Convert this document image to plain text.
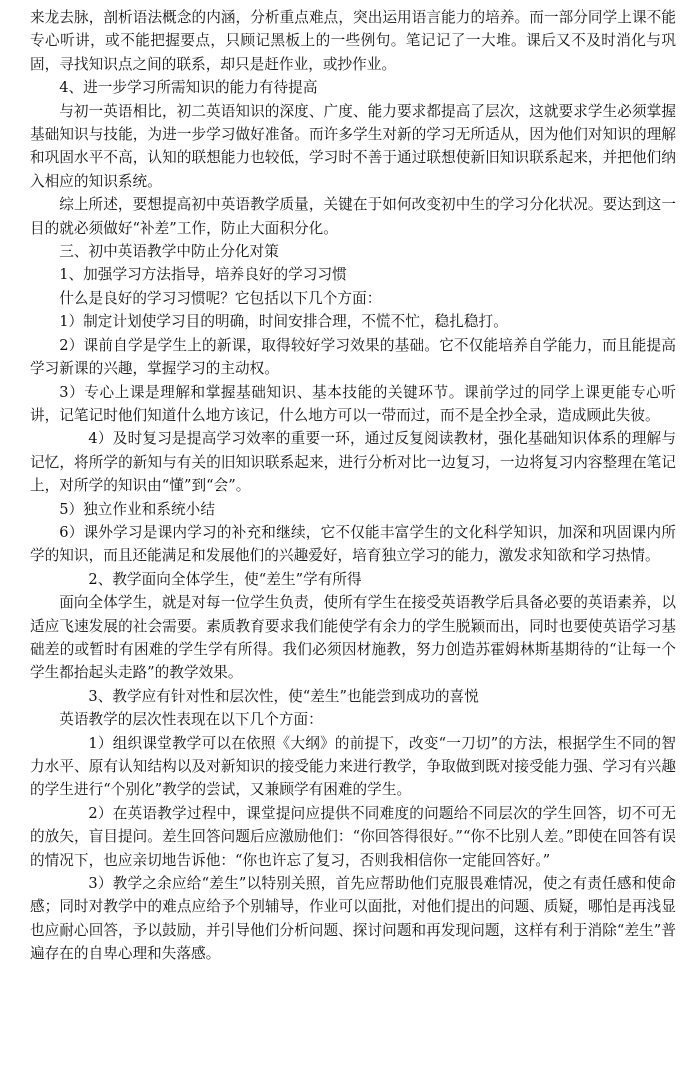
来龙去脉，剖析语法概念的内涵，分析重点难点，突出运用语言能力的培养。而一部分同学上课不能专心听讲，或不能把握要点，只顾记黑板上的一些例句。笔记记了一大堆。课后又不及时消化与巩固，寻找知识点之间的联系，却只是赶作业，或抄作业。

4、进一步学习所需知识的能力有待提高

与初一英语相比，初二英语知识的深度、广度、能力要求都提高了层次，这就要求学生必须掌握基础知识与技能，为进一步学习做好准备。而许多学生对新的学习无所适从，因为他们对知识的理解和巩固水平不高，认知的联想能力也较低，学习时不善于通过联想使新旧知识联系起来，并把他们纳入相应的知识系统。

综上所述，要想提高初中英语教学质量，关键在于如何改变初中生的学习分化状况。要达到这一目的就必须做好“补差”工作，防止大面积分化。

三、初中英语教学中防止分化对策

1、加强学习方法指导，培养良好的学习习惯

什么是良好的学习习惯呢？它包括以下几个方面：

1）制定计划使学习目的明确，时间安排合理，不慌不忙，稳扎稳打。

2）课前自学是学生上的新课，取得较好学习效果的基础。它不仅能培养自学能力，而且能提高学习新课的兴趣，掌握学习的主动权。

3）专心上课是理解和掌握基础知识、基本技能的关键环节。课前学过的同学上课更能专心听讲，记笔记时他们知道什么地方该记，什么地方可以一带而过，而不是全抄全录，造成顾此失彼。

4）及时复习是提高学习效率的重要一环，通过反复阅读教材，强化基础知识体系的理解与记忆，将所学的新知与有关的旧知识联系起来，进行分析对比一边复习，一边将复习内容整理在笔记上，对所学的知识由“懂”到“会”。

5）独立作业和系统小结

6）课外学习是课内学习的补充和继续，它不仅能丰富学生的文化科学知识，加深和巩固课内所学的知识，而且还能满足和发展他们的兴趣爱好，培育独立学习的能力，激发求知欲和学习热情。

2、教学面向全体学生，使“差生”学有所得

面向全体学生，就是对每一位学生负责，使所有学生在接受英语教学后具备必要的英语素养，以适应飞速发展的社会需要。素质教育要求我们能使学有余力的学生脱颖而出，同时也要使英语学习基础差的或暂时有困难的学生学有所得。我们必须因材施教，努力创造苏霍姆林斯基期待的“让每一个学生都抬起头走路”的教学效果。

3、教学应有针对性和层次性，使“差生”也能尝到成功的喜悦

英语教学的层次性表现在以下几个方面：

1）组织课堂教学可以在依照《大纲》的前提下，改变“一刀切”的方法，根据学生不同的智力水平、原有认知结构以及对新知识的接受能力来进行教学，争取做到既对接受能力强、学习有兴趣的学生进行“个别化”教学的尝试，又兼顾学有困难的学生。

2）在英语教学过程中，课堂提问应提供不同难度的问题给不同层次的学生回答，切不可无的放矢，盲目提问。差生回答问题后应激励他们：“你回答得很好。”“你不比别人差。”即使在回答有误的情况下，也应亲切地告诉他：“你也许忘了复习，否则我相信你一定能回答好。”

3）教学之余应给“差生”以特别关照，首先应帮助他们克服畏难情况，使之有责任感和使命感；同时对教学中的难点应给予个别辅导，作业可以面批，对他们提出的问题、质疑，哪怕是再浅显也应耐心回答，予以鼓励，并引导他们分析问题、探讨问题和再发现问题，这样有利于消除“差生”普遍存在的自卑心理和失落感。
